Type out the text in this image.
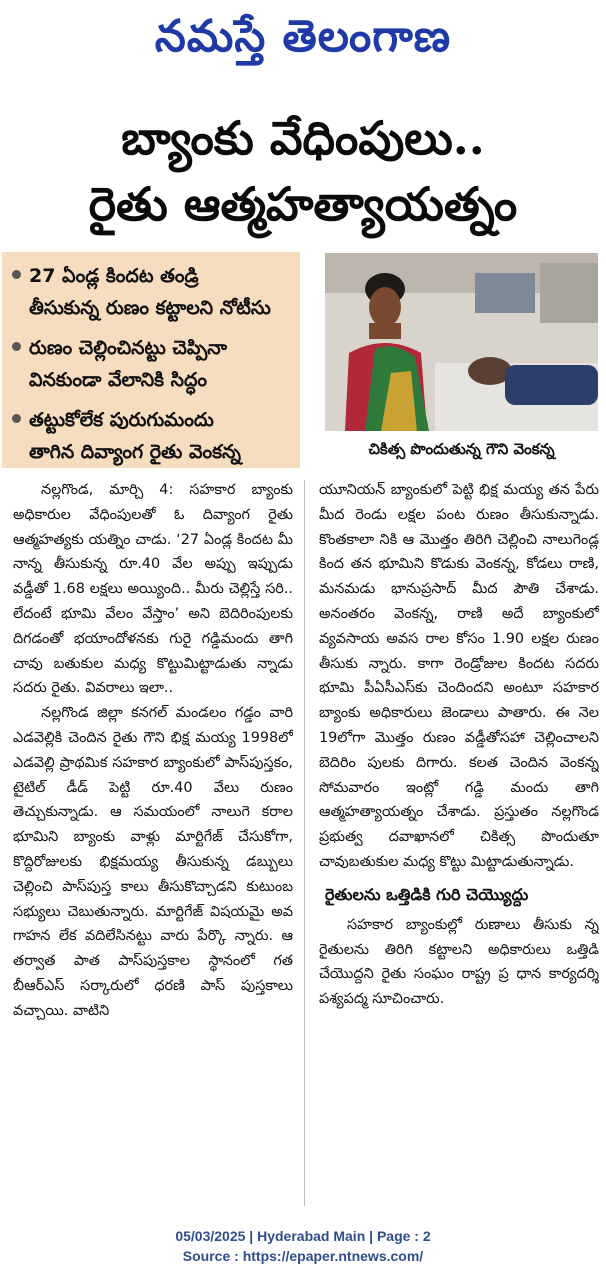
నమస్తే తెలంగాణ
బ్యాంకు వేధింపులు..
రైతు ఆత్మహత్యాయత్నం
27 ఏండ్ల కిందట తండ్రి
తీసుకున్న రుణం కట్టాలని నోటీసు
రుణం చెల్లించినట్టు చెప్పినా
వినకుండా వేలానికి సిద్ధం
తట్టుకోలేక పురుగుమందు
తాగిన దివ్యాంగ రైతు వెంకన్న	చికిత్స పొందుతున్న గౌని వెంకన్న

నల్లగొండ, మార్చి 4: సహకార బ్యాంకు అధికారుల వేధింపులతో ఓ దివ్యాంగ రైతు ఆత్మహత్యకు యత్నిం చాడు. ‘27 ఏండ్ల కిందట మీ నాన్న తీసుకున్న రూ.40 వేల అప్పు ఇప్పుడు వడ్డీతో 1.68 లక్షలు అయ్యింది.. మీరు చెల్లిస్తే సరి.. లేదంటే భూమి వేలం వేస్తాం’ అని బెదిరింపులకు దిగడంతో భయాందోళనకు గురై గడ్డిమందు తాగి చావు బతుకుల మధ్య కొట్టుమిట్టాడుతు న్నాడు సదరు రైతు. వివరాలు ఇలా..

నల్లగొండ జిల్లా కనగల్ మండలం గడ్డం వారి ఎడవెల్లికి చెందిన రైతు గౌని భిక్ష మయ్య 1998లో ఎడవెల్లి ప్రాథమిక సహకార బ్యాంకులో పాస్‌పుస్తకం, టైటిల్ డీడ్ పెట్టి రూ.40 వేలు రుణం తెచ్చుకున్నాడు. ఆ సమయంలో నాలుగె కరాల భూమిని బ్యాంకు వాళ్లు మార్టిగేజ్ చేసుకోగా, కొద్దిరోజులకు భిక్షమయ్య తీసుకున్న డబ్బులు చెల్లించి పాస్‌పుస్త కాలు తీసుకొచ్చాడని కుటుంబ సభ్యులు చెబుతున్నారు. మార్టిగేజ్ విషయమై అవ గాహన లేక వదిలేసినట్టు వారు పేర్కొ న్నారు. ఆ తర్వాత పాత పాస్‌పుస్తకాల స్థానంలో గత బీఆర్‌ఎస్ సర్కారులో ధరణి పాస్ పుస్తకాలు వచ్చాయి. వాటిని

యూనియన్ బ్యాంకులో పెట్టి భిక్ష మయ్య తన పేరు మీద రెండు లక్షల పంట రుణం తీసుకున్నాడు. కొంతకాలా నికి ఆ మొత్తం తిరిగి చెల్లించి నాలుగెండ్ల కింద తన భూమిని కొడుకు వెంకన్న, కోడలు రాణి, మనమడు భానుప్రసాద్ మీద పౌతి చేశాడు. అనంతరం వెంకన్న, రాణి అదే బ్యాంకులో వ్యవసాయ అవస రాల కోసం 1.90 లక్షల రుణం తీసుకు న్నారు. కాగా రెండ్రోజుల కిందట సదరు భూమి పీఏసీఎస్‌కు చెందిందని అంటూ సహకార బ్యాంకు అధికారులు జెండాలు పాతారు. ఈ నెల 19లోగా మొత్తం రుణం వడ్డీతోసహా చెల్లించాలని బెదిరిం పులకు దిగారు. కలత చెందిన వెంకన్న సోమవారం ఇంట్లో గడ్డి మందు తాగి ఆత్మహత్యాయత్నం చేశాడు. ప్రస్తుతం నల్లగొండ ప్రభుత్వ దవాఖానలో చికిత్స పొందుతూ చావుబతుకుల మధ్య కొట్టు మిట్టాడుతున్నాడు.

రైతులను ఒత్తిడికి గురి చెయ్యొద్దు

సహకార బ్యాంకుల్లో రుణాలు తీసుకు న్న రైతులను తిరిగి కట్టాలని అధికారులు ఒత్తిడి చేయొద్దని రైతు సంఘం రాష్ట్ర ప్ర ధాన కార్యదర్శి పశ్యపద్మ సూచించారు.

05/03/2025 | Hyderabad Main | Page : 2
Source : https://epaper.ntnews.com/
